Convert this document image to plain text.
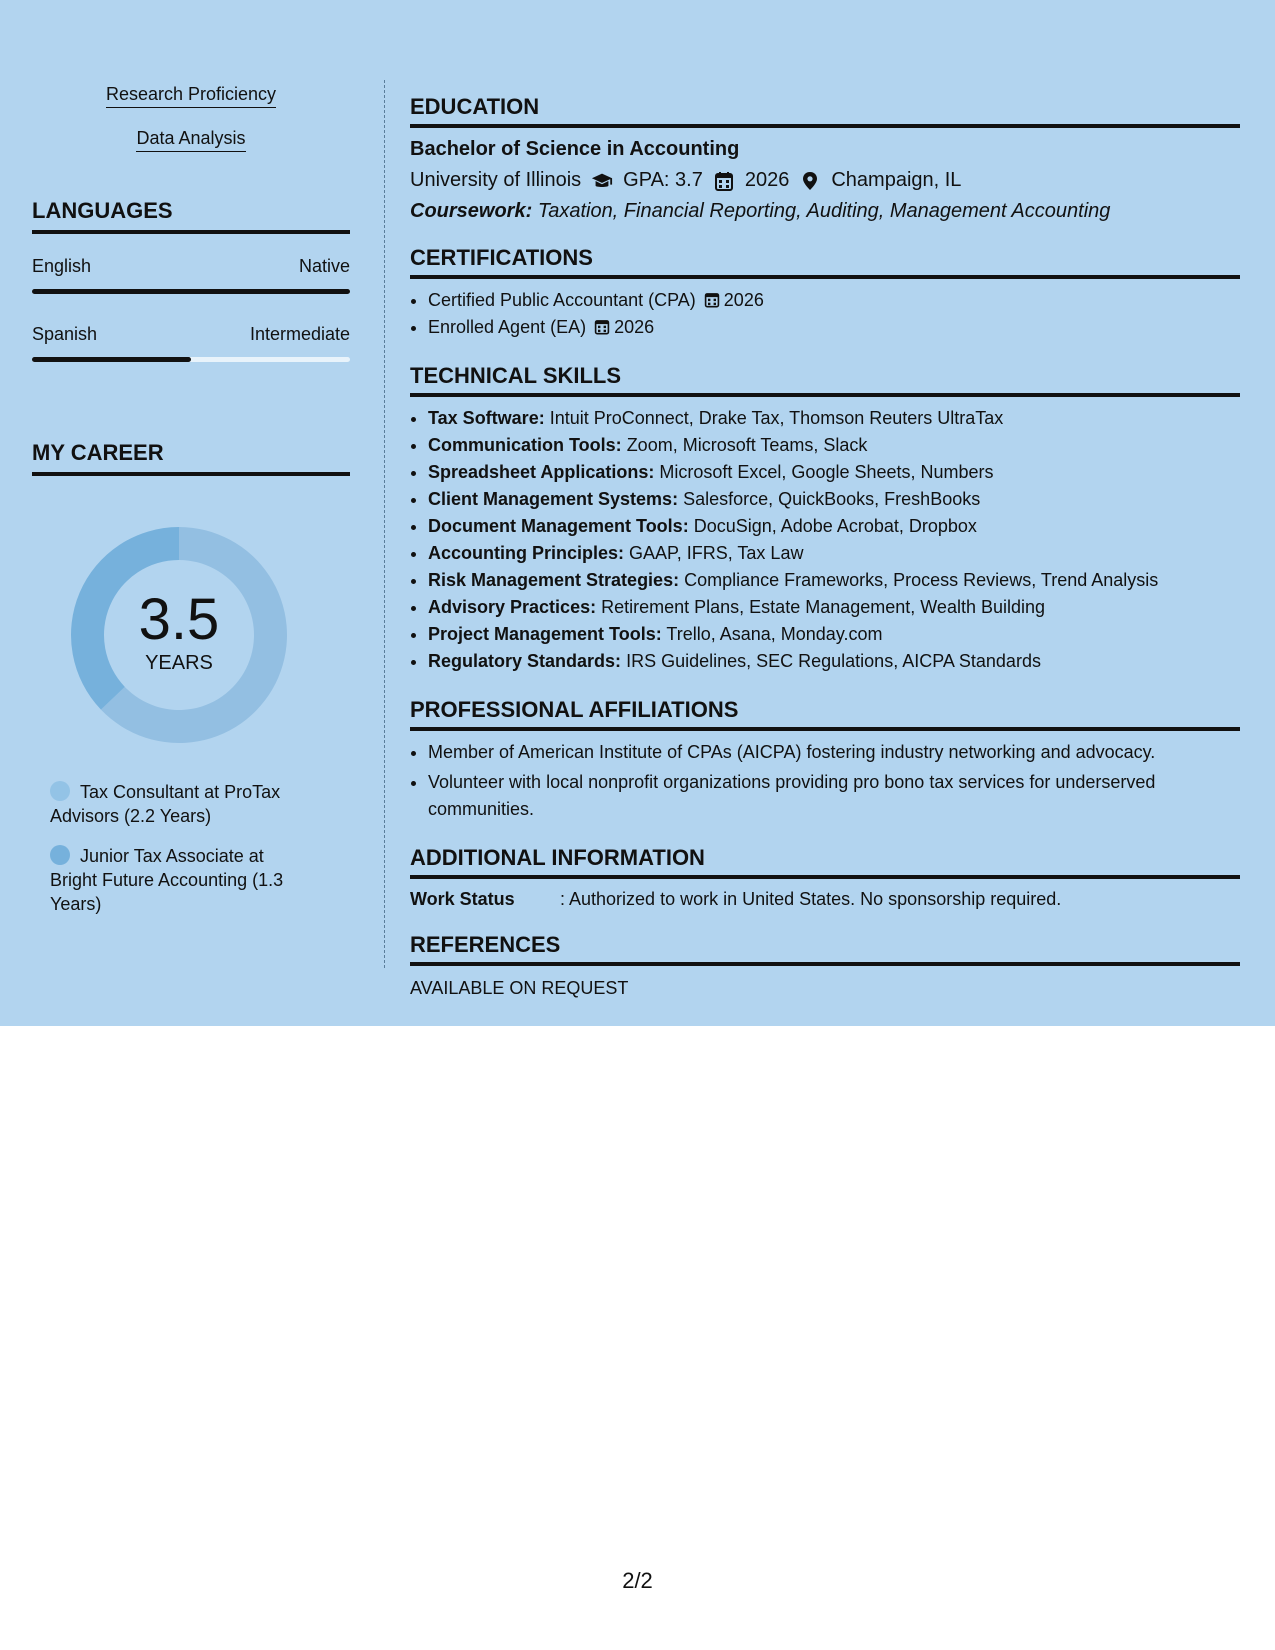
Research Proficiency
Data Analysis
LANGUAGES
English	Native
Spanish	Intermediate
MY CAREER
3.5
YEARS
Tax Consultant at ProTax Advisors (2.2 Years)
Junior Tax Associate at Bright Future Accounting (1.3 Years)
EDUCATION
Bachelor of Science in Accounting
University of Illinois GPA: 3.7 2026 Champaign, IL
Coursework: Taxation, Financial Reporting, Auditing, Management Accounting
CERTIFICATIONS
• Certified Public Accountant (CPA) 2026
• Enrolled Agent (EA) 2026
TECHNICAL SKILLS
• Tax Software: Intuit ProConnect, Drake Tax, Thomson Reuters UltraTax
• Communication Tools: Zoom, Microsoft Teams, Slack
• Spreadsheet Applications: Microsoft Excel, Google Sheets, Numbers
• Client Management Systems: Salesforce, QuickBooks, FreshBooks
• Document Management Tools: DocuSign, Adobe Acrobat, Dropbox
• Accounting Principles: GAAP, IFRS, Tax Law
• Risk Management Strategies: Compliance Frameworks, Process Reviews, Trend Analysis
• Advisory Practices: Retirement Plans, Estate Management, Wealth Building
• Project Management Tools: Trello, Asana, Monday.com
• Regulatory Standards: IRS Guidelines, SEC Regulations, AICPA Standards
PROFESSIONAL AFFILIATIONS
• Member of American Institute of CPAs (AICPA) fostering industry networking and advocacy.
• Volunteer with local nonprofit organizations providing pro bono tax services for underserved communities.
ADDITIONAL INFORMATION
Work Status	: Authorized to work in United States. No sponsorship required.
REFERENCES
AVAILABLE ON REQUEST
2/2
